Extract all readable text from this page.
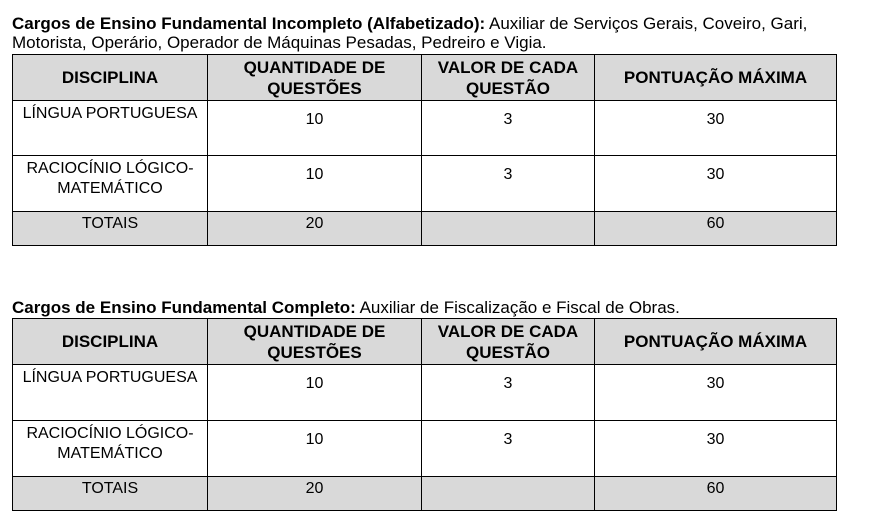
Cargos de Ensino Fundamental Incompleto (Alfabetizado): Auxiliar de Serviços Gerais, Coveiro, Gari, Motorista, Operário, Operador de Máquinas Pesadas, Pedreiro e Vigia.

DISCIPLINA	QUANTIDADE DE QUESTÕES	VALOR DE CADA QUESTÃO	PONTUAÇÃO MÁXIMA
LÍNGUA PORTUGUESA	10	3	30
RACIOCÍNIO LÓGICO-MATEMÁTICO	10	3	30
TOTAIS	20		60

Cargos de Ensino Fundamental Completo: Auxiliar de Fiscalização e Fiscal de Obras.

DISCIPLINA	QUANTIDADE DE QUESTÕES	VALOR DE CADA QUESTÃO	PONTUAÇÃO MÁXIMA
LÍNGUA PORTUGUESA	10	3	30
RACIOCÍNIO LÓGICO-MATEMÁTICO	10	3	30
TOTAIS	20		60
